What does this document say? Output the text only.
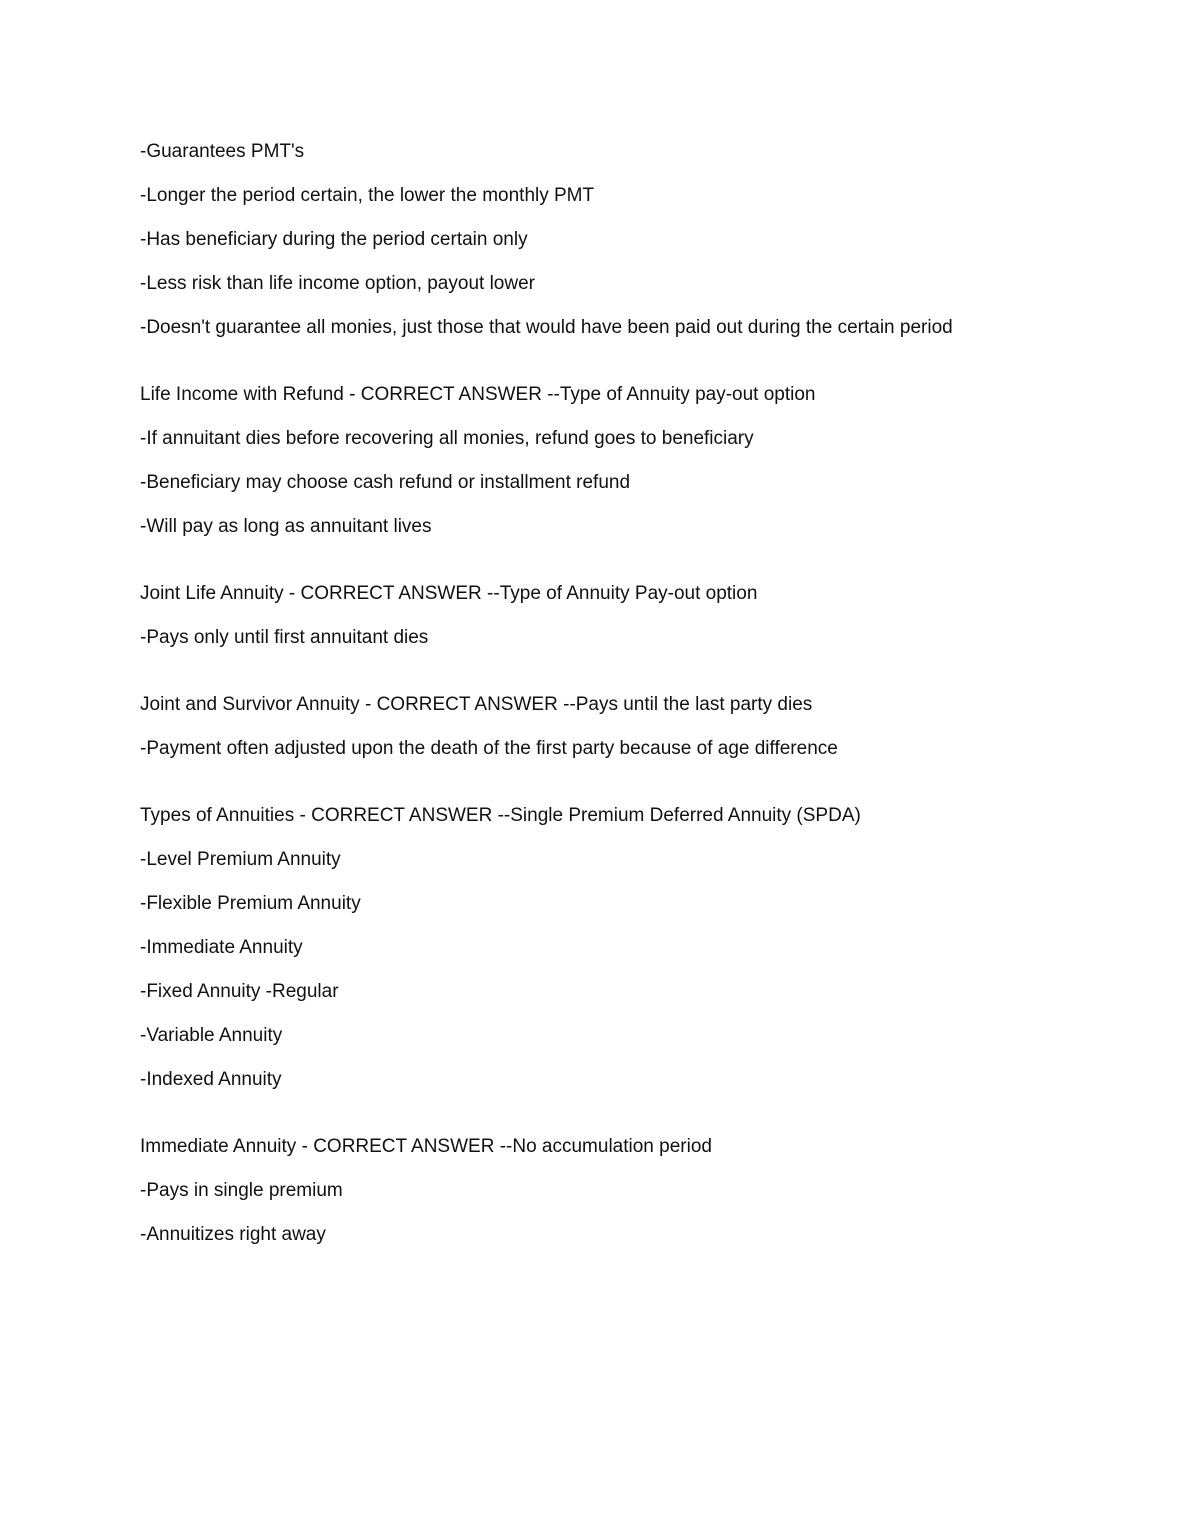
-Guarantees PMT's
-Longer the period certain, the lower the monthly PMT
-Has beneficiary during the period certain only
-Less risk than life income option, payout lower
-Doesn't guarantee all monies, just those that would have been paid out during the certain period
Life Income with Refund - CORRECT ANSWER --Type of Annuity pay-out option
-If annuitant dies before recovering all monies, refund goes to beneficiary
-Beneficiary may choose cash refund or installment refund
-Will pay as long as annuitant lives
Joint Life Annuity - CORRECT ANSWER --Type of Annuity Pay-out option
-Pays only until first annuitant dies
Joint and Survivor Annuity - CORRECT ANSWER --Pays until the last party dies
-Payment often adjusted upon the death of the first party because of age difference
Types of Annuities - CORRECT ANSWER --Single Premium Deferred Annuity (SPDA)
-Level Premium Annuity
-Flexible Premium Annuity
-Immediate Annuity
-Fixed Annuity -Regular
-Variable Annuity
-Indexed Annuity
Immediate Annuity - CORRECT ANSWER --No accumulation period
-Pays in single premium
-Annuitizes right away
